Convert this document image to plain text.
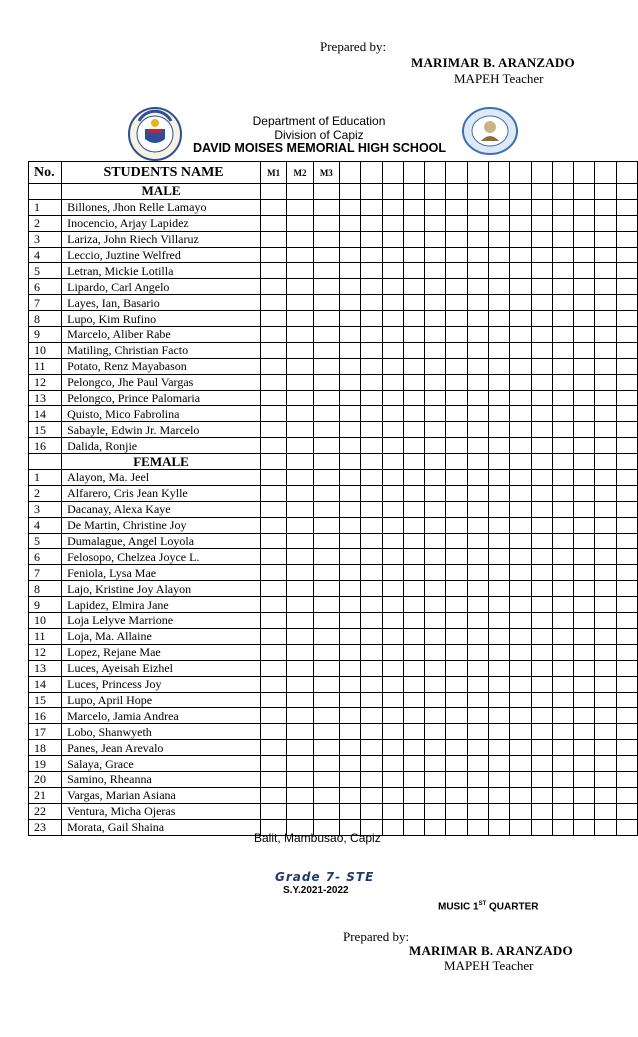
Prepared by:
MARIMAR B. ARANZADO
MAPEH Teacher
Department of Education
Division of Capiz
DAVID MOISES MEMORIAL HIGH SCHOOL
No.	STUDENTS NAME	M1	M2	M3														
	MALE																	
1	Billones, Jhon Relle Lamayo																	
2	Inocencio, Arjay Lapidez																	
3	Lariza, John Riech Villaruz																	
4	Leccio, Juztine Welfred																	
5	Letran, Mickie Lotilla																	
6	Lipardo, Carl Angelo																	
7	Layes, Ian, Basario																	
8	Lupo, Kim Rufino																	
9	Marcelo, Aliber Rabe																	
10	Matiling, Christian Facto																	
11	Potato, Renz Mayabason																	
12	Pelongco, Jhe Paul Vargas																	
13	Pelongco, Prince Palomaria																	
14	Quisto, Mico Fabrolina																	
15	Sabayle, Edwin Jr. Marcelo																	
16	Dalida, Ronjie																	
	FEMALE																	
1	Alayon, Ma. Jeel																	
2	Alfarero, Cris Jean Kylle																	
3	Dacanay, Alexa Kaye																	
4	De Martin, Christine Joy																	
5	Dumalague, Angel Loyola																	
6	Felosopo, Chelzea Joyce L.																	
7	Feniola, Lysa Mae																	
8	Lajo, Kristine Joy Alayon																	
9	Lapidez, Elmira Jane																	
10	Loja Lelyve Marrione																	
11	Loja, Ma. Allaine																	
12	Lopez, Rejane Mae																	
13	Luces, Ayeisah Eizhel																	
14	Luces, Princess Joy																	
15	Lupo, April Hope																	
16	Marcelo, Jamia Andrea																	
17	Lobo, Shanwyeth																	
18	Panes, Jean Arevalo																	
19	Salaya, Grace																	
20	Samino, Rheanna																	
21	Vargas, Marian Asiana																	
22	Ventura, Micha Ojeras																	
23	Morata, Gail Shaina																	
Balit, Mambusao, Capiz
Grade 7- STE
S.Y.2021-2022
MUSIC 1ST QUARTER
Prepared by:
MARIMAR B. ARANZADO
MAPEH Teacher
